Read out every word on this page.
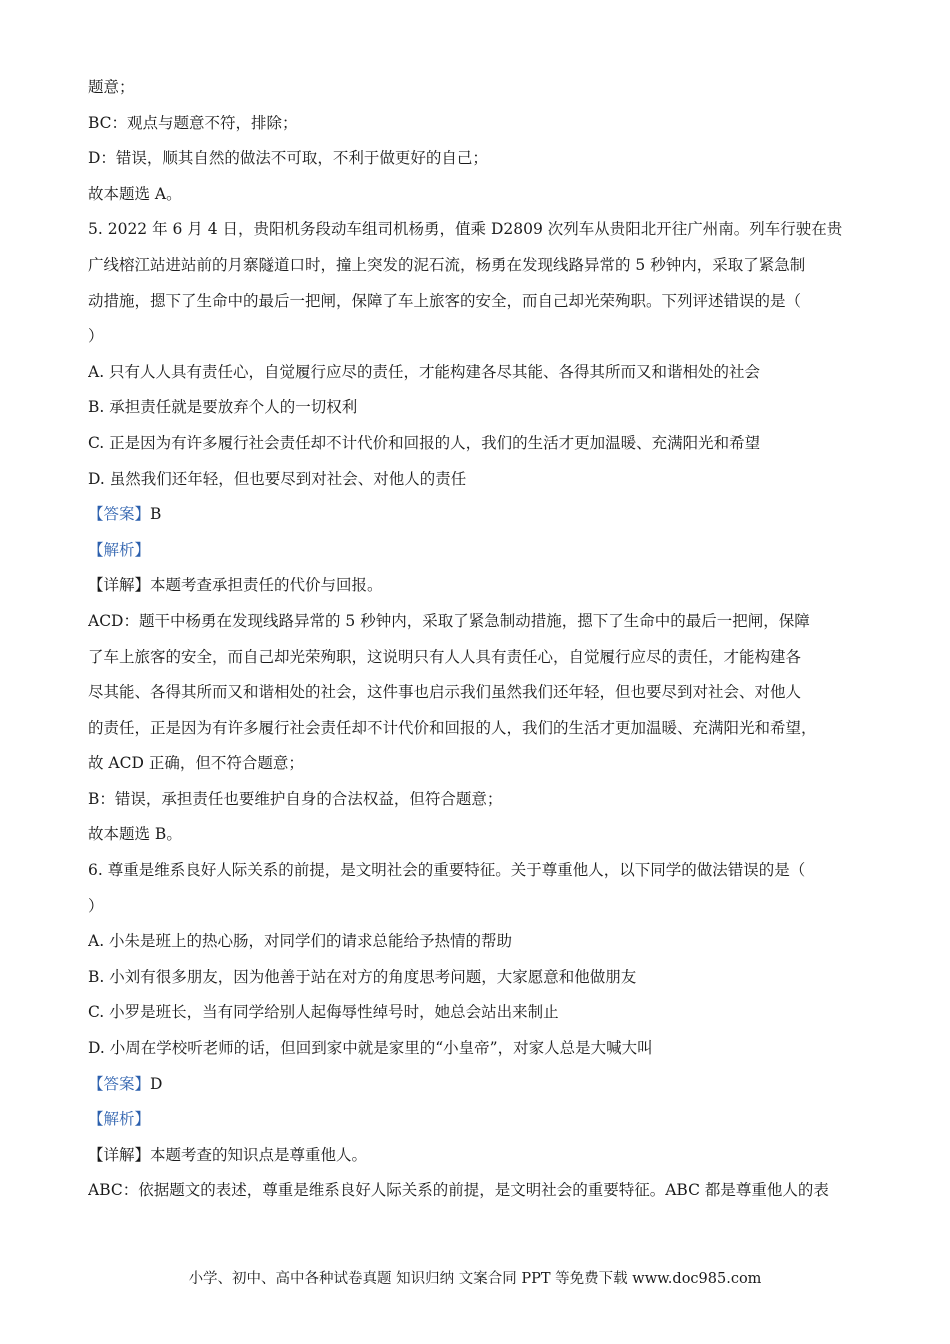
题意；
BC：观点与题意不符，排除；
D：错误，顺其自然的做法不可取，不利于做更好的自己；
故本题选 A。
5. 2022 年 6 月 4 日，贵阳机务段动车组司机杨勇，值乘 D2809 次列车从贵阳北开往广州南。列车行驶在贵
广线榕江站进站前的月寨隧道口时，撞上突发的泥石流，杨勇在发现线路异常的 5 秒钟内，采取了紧急制
动措施，摁下了生命中的最后一把闸，保障了车上旅客的安全，而自己却光荣殉职。下列评述错误的是（
）
A. 只有人人具有责任心，自觉履行应尽的责任，才能构建各尽其能、各得其所而又和谐相处的社会
B. 承担责任就是要放弃个人的一切权利
C. 正是因为有许多履行社会责任却不计代价和回报的人，我们的生活才更加温暖、充满阳光和希望
D. 虽然我们还年轻，但也要尽到对社会、对他人的责任
【答案】B
【解析】
【详解】本题考查承担责任的代价与回报。
ACD：题干中杨勇在发现线路异常的 5 秒钟内，采取了紧急制动措施，摁下了生命中的最后一把闸，保障
了车上旅客的安全，而自己却光荣殉职，这说明只有人人具有责任心，自觉履行应尽的责任，才能构建各
尽其能、各得其所而又和谐相处的社会，这件事也启示我们虽然我们还年轻，但也要尽到对社会、对他人
的责任，正是因为有许多履行社会责任却不计代价和回报的人，我们的生活才更加温暖、充满阳光和希望，
故 ACD 正确，但不符合题意；
B：错误，承担责任也要维护自身的合法权益，但符合题意；
故本题选 B。
6. 尊重是维系良好人际关系的前提，是文明社会的重要特征。关于尊重他人，以下同学的做法错误的是（
）
A. 小朱是班上的热心肠，对同学们的请求总能给予热情的帮助
B. 小刘有很多朋友，因为他善于站在对方的角度思考问题，大家愿意和他做朋友
C. 小罗是班长，当有同学给别人起侮辱性绰号时，她总会站出来制止
D. 小周在学校听老师的话，但回到家中就是家里的“小皇帝”，对家人总是大喊大叫
【答案】D
【解析】
【详解】本题考查的知识点是尊重他人。
ABC：依据题文的表述，尊重是维系良好人际关系的前提，是文明社会的重要特征。ABC 都是尊重他人的表
小学、初中、高中各种试卷真题 知识归纳 文案合同 PPT 等免费下载 www.doc985.com
